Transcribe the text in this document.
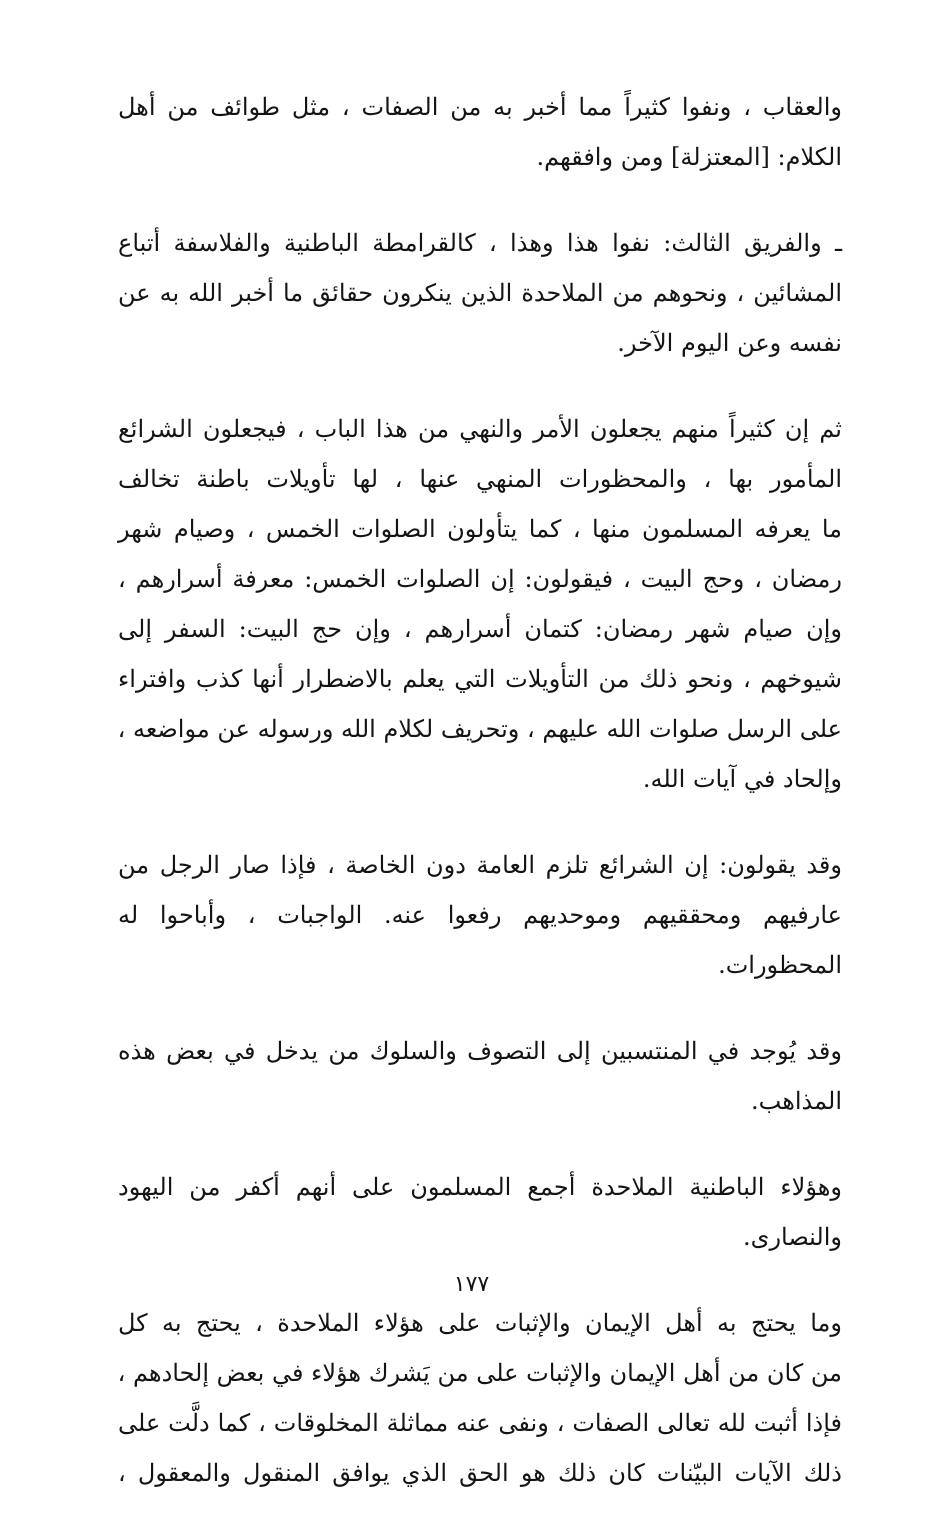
والعقاب ، ونفوا كثيراً مما أخبر به من الصفات ، مثل طوائف من أهل
الكلام: [المعتزلة] ومن وافقهم.
ـ والفريق الثالث: نفوا هذا وهذا ، كالقرامطة الباطنية والفلاسفة أتباع
المشائين ، ونحوهم من الملاحدة الذين ينكرون حقائق ما أخبر الله به عن
نفسه وعن اليوم الآخر.
ثم إن كثيراً منهم يجعلون الأمر والنهي من هذا الباب ، فيجعلون الشرائع
المأمور بها ، والمحظورات المنهي عنها ، لها تأويلات باطنة تخالف
ما يعرفه المسلمون منها ، كما يتأولون الصلوات الخمس ، وصيام شهر
رمضان ، وحج البيت ، فيقولون: إن الصلوات الخمس: معرفة أسرارهم ،
وإن صيام شهر رمضان: كتمان أسرارهم ، وإن حج البيت: السفر إلى
شيوخهم ، ونحو ذلك من التأويلات التي يعلم بالاضطرار أنها كذب وافتراء
على الرسل صلوات الله عليهم ، وتحريف لكلام الله ورسوله عن مواضعه ،
وإلحاد في آيات الله.
وقد يقولون: إن الشرائع تلزم العامة دون الخاصة ، فإذا صار الرجل من
عارفيهم ومحققيهم وموحديهم رفعوا عنه. الواجبات ، وأباحوا له
المحظورات.
وقد يُوجد في المنتسبين إلى التصوف والسلوك من يدخل في بعض هذه
المذاهب.
وهؤلاء الباطنية الملاحدة أجمع المسلمون على أنهم أكفر من اليهود
والنصارى.
وما يحتج به أهل الإيمان والإثبات على هؤلاء الملاحدة ، يحتج به كل
من كان من أهل الإيمان والإثبات على من يَشرك هؤلاء في بعض إلحادهم ،
فإذا أثبت لله تعالى الصفات ، ونفى عنه مماثلة المخلوقات ، كما دلَّت على
ذلك الآيات البيّنات كان ذلك هو الحق الذي يوافق المنقول والمعقول ،
١٧٧
